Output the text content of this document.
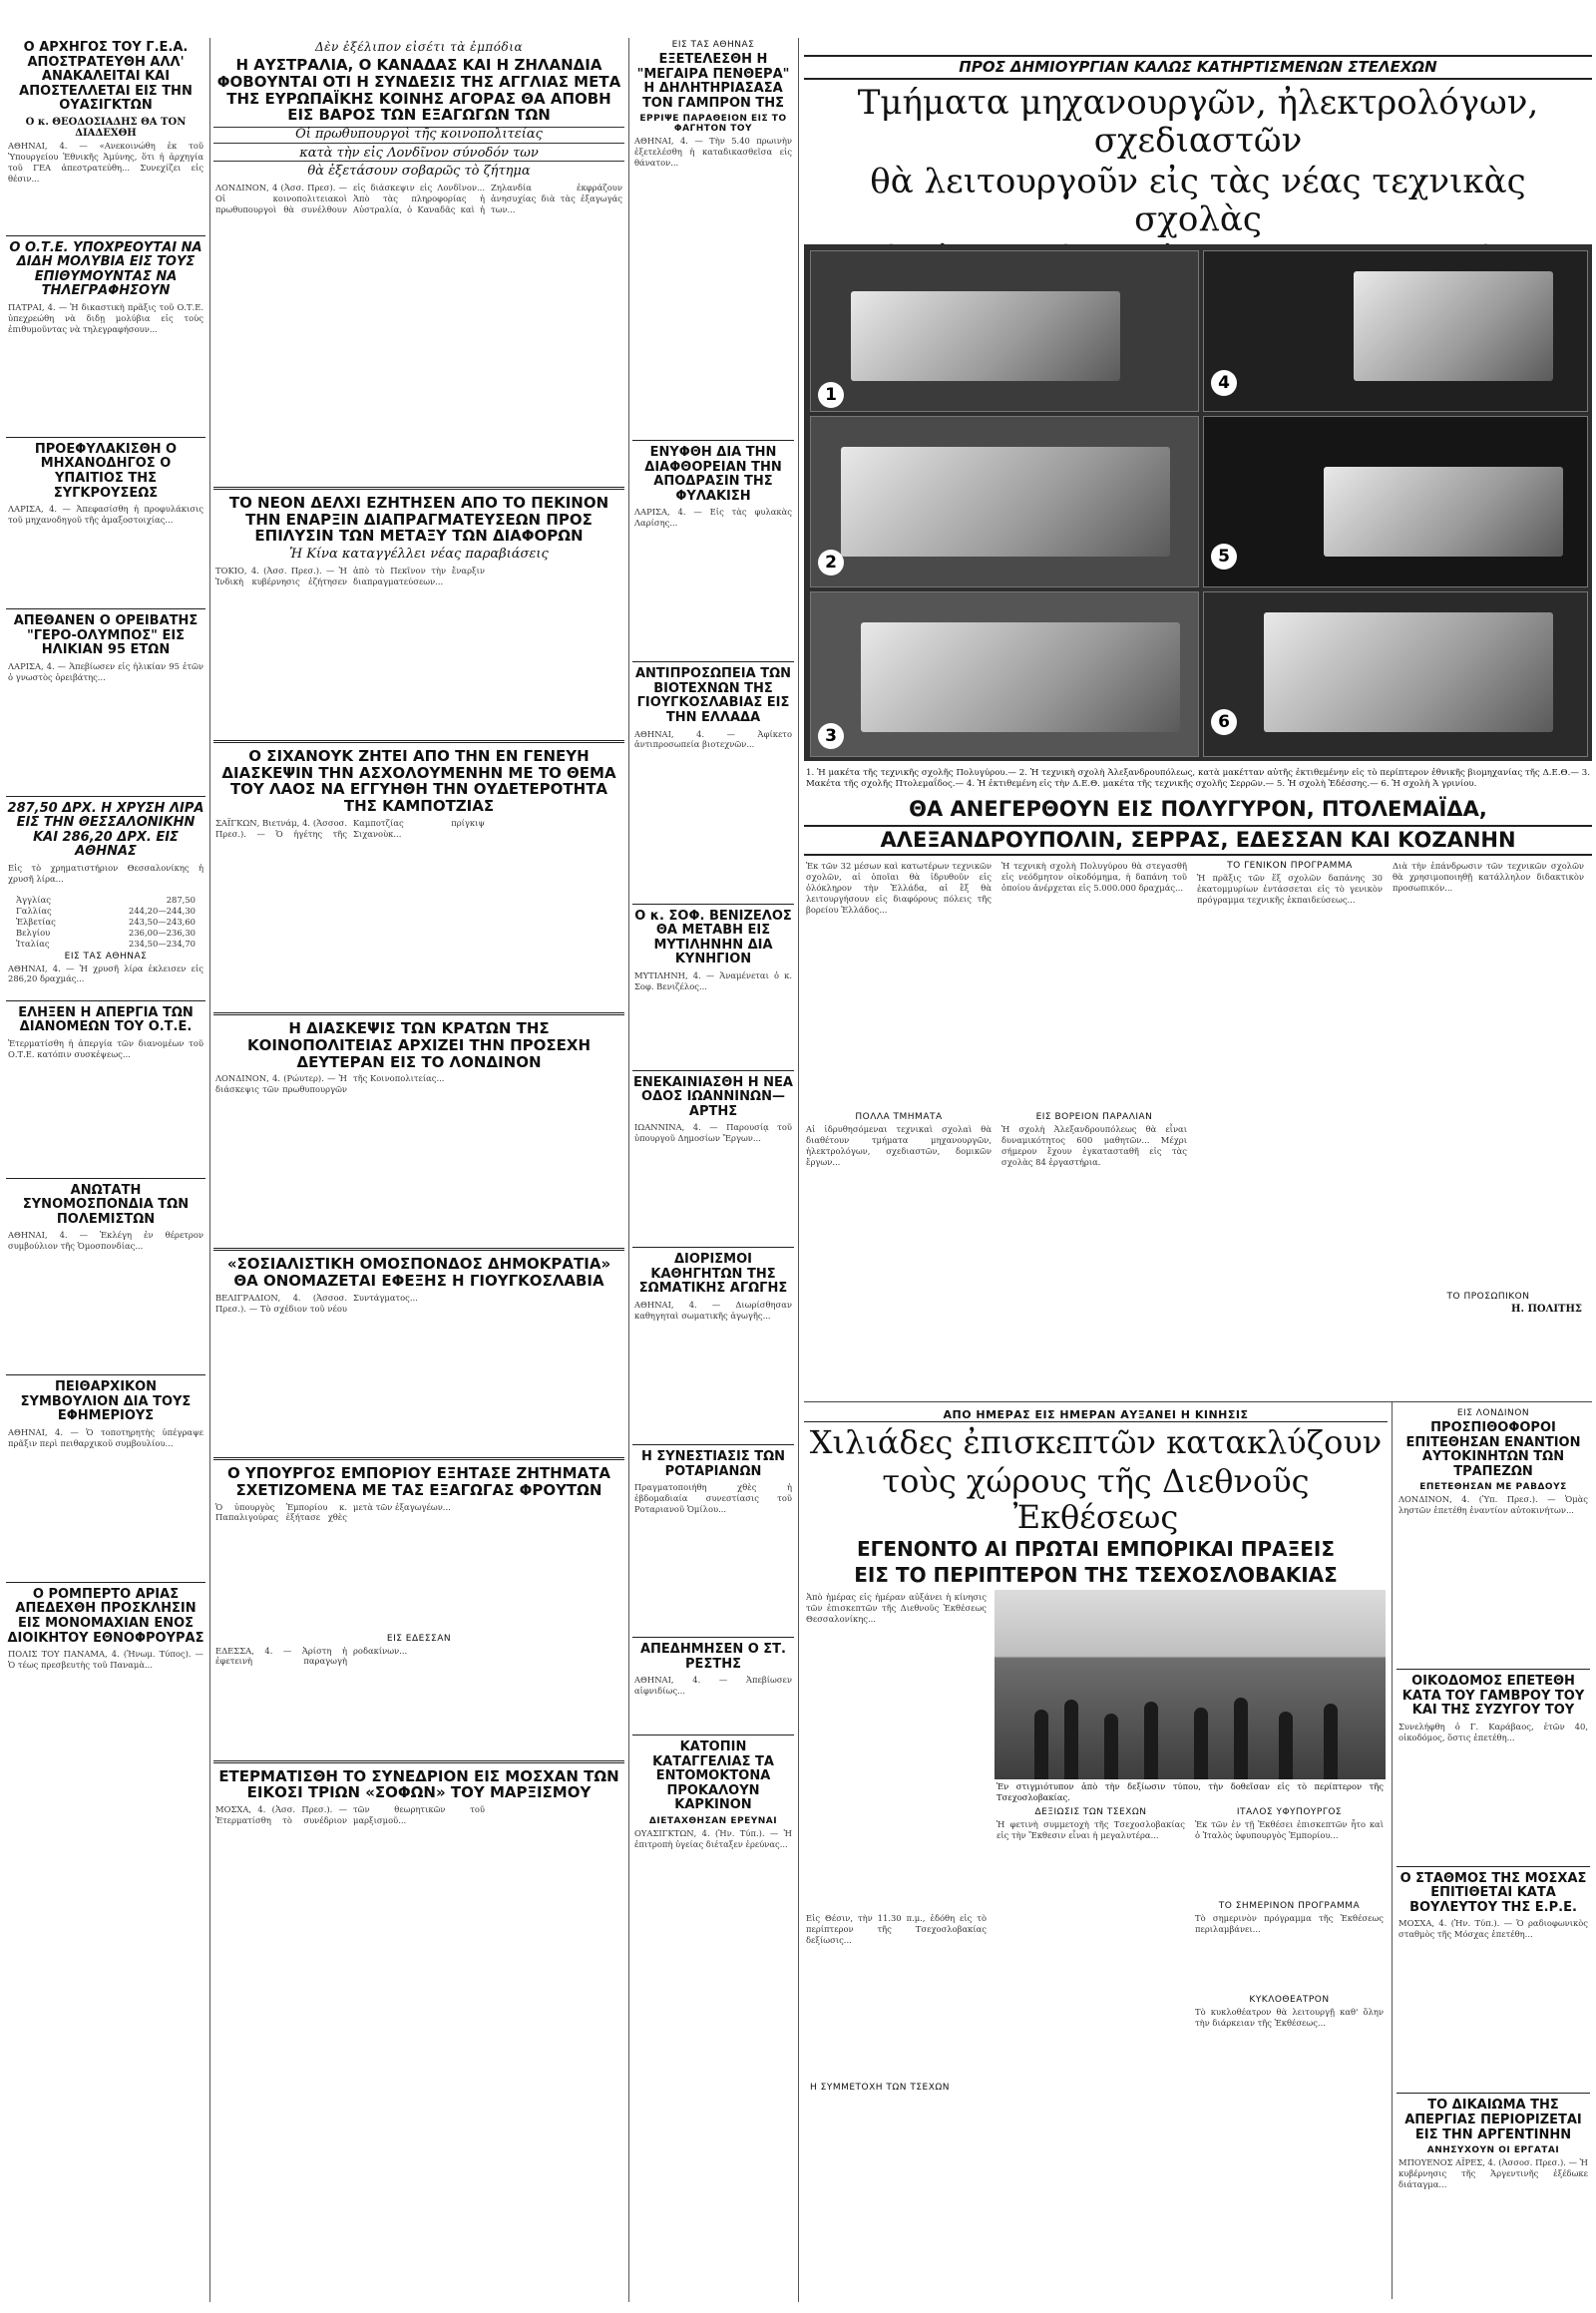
Ο ΑΡΧΗΓΟΣ ΤΟΥ Γ.Ε.Α. ΑΠΟΣΤΡΑΤΕΥΘΗ ΑΛΛ' ΑΝΑΚΑΛΕΙΤΑΙ ΚΑΙ ΑΠΟΣΤΕΛΛΕΤΑΙ ΕΙΣ ΤΗΝ ΟΥΑΣΙΓΚΤΩΝ
Ο κ. ΘΕΟΔΟΣΙΑΔΗΣ ΘΑ ΤΟΝ ΔΙΑΔΕΧΘΗ
ΑΘΗΝΑΙ, 4. — «Ανεκοινώθη ἐκ τοῦ Ὑπουργείου Ἐθνικῆς Ἀμύνης, ὅτι ἡ ἀρχηγία τοῦ ΓΕΑ ἀπεστρατεύθη... Συνεχίζει εἰς θέσιν...
Ο Ο.Τ.Ε. ΥΠΟΧΡΕΟΥΤΑΙ ΝΑ ΔΙΔΗ ΜΟΛΥΒΙΑ ΕΙΣ ΤΟΥΣ ΕΠΙΘΥΜΟΥΝΤΑΣ ΝΑ ΤΗΛΕΓΡΑΦΗΣΟΥΝ
ΠΑΤΡΑΙ, 4. — Ἡ δικαστικὴ πρᾶξις τοῦ Ο.Τ.Ε. ὑπεχρεώθη νὰ διδῃ μολύβια εἰς τοὺς ἐπιθυμοῦντας νὰ τηλεγραφήσουν...
ΠΡΟΕΦΥΛΑΚΙΣΘΗ Ο ΜΗΧΑΝΟΔΗΓΟΣ Ο ΥΠΑΙΤΙΟΣ ΤΗΣ ΣΥΓΚΡΟΥΣΕΩΣ
ΛΑΡΙΣΑ, 4. — Ἀπεφασίσθη ἡ προφυλάκισις τοῦ μηχανοδηγοῦ τῆς ἀμαξοστοιχίας...
ΑΠΕΘΑΝΕΝ Ο ΟΡΕΙΒΑΤΗΣ "ΓΕΡΟ-ΟΛΥΜΠΟΣ" ΕΙΣ ΗΛΙΚΙΑΝ 95 ΕΤΩΝ
ΛΑΡΙΣΑ, 4. — Ἀπεβίωσεν εἰς ἡλικίαν 95 ἐτῶν ὁ γνωστὸς ὀρειβάτης...
287,50 ΔΡΧ. Η ΧΡΥΣΗ ΛΙΡΑ ΕΙΣ ΤΗΝ ΘΕΣΣΑΛΟΝΙΚΗΝ ΚΑΙ 286,20 ΔΡΧ. ΕΙΣ ΑΘΗΝΑΣ
Εἰς τὸ χρηματιστήριον Θεσσαλονίκης ἡ χρυσῆ λίρα...
Ἀγγλίας	287,50
Γαλλίας	244,20—244,30
Ἑλβετίας	243,50—243,60
Βελγίου	236,00—236,30
Ἰταλίας	234,50—234,70
ΕΙΣ ΤΑΣ ΑΘΗΝΑΣ
ΑΘΗΝΑΙ, 4. — Ἡ χρυσῆ λίρα ἐκλεισεν εἰς 286,20 δραχμάς...
ΕΛΗΞΕΝ Η ΑΠΕΡΓΙΑ ΤΩΝ ΔΙΑΝΟΜΕΩΝ ΤΟΥ Ο.Τ.Ε.
Ἐτερματίσθη ἡ ἀπεργία τῶν διανομέων τοῦ Ο.Τ.Ε. κατόπιν συσκέψεως...
ΑΝΩΤΑΤΗ ΣΥΝΟΜΟΣΠΟΝΔΙΑ ΤΩΝ ΠΟΛΕΜΙΣΤΩΝ
ΑΘΗΝΑΙ, 4. — Ἐκλέγη ἐν θέρετρον συμβούλιον τῆς Ὁμοσπονδίας...
ΠΕΙΘΑΡΧΙΚΟΝ ΣΥΜΒΟΥΛΙΟΝ ΔΙΑ ΤΟΥΣ ΕΦΗΜΕΡΙΟΥΣ
ΑΘΗΝΑΙ, 4. — Ὁ τοποτηρητὴς ὑπέγραψε πρᾶξιν περὶ πειθαρχικοῦ συμβουλίου...
Ο ΡΟΜΠΕΡΤΟ ΑΡΙΑΣ ΑΠΕΔΕΧΘΗ ΠΡΟΣΚΛΗΣΙΝ ΕΙΣ ΜΟΝΟΜΑΧΙΑΝ ΕΝΟΣ ΔΙΟΙΚΗΤΟΥ ΕΘΝΟΦΡΟΥΡΑΣ
ΠΟΛΙΣ ΤΟΥ ΠΑΝΑΜΑ, 4. (Ἡνωμ. Τύπος). — Ὁ τέως πρεσβευτὴς τοῦ Παναμὰ...
Δὲν ἐξέλιπον εἰσέτι τὰ ἐμπόδια
Η ΑΥΣΤΡΑΛΙΑ, Ο ΚΑΝΑΔΑΣ ΚΑΙ Η ΖΗΛΑΝΔΙΑ ΦΟΒΟΥΝΤΑΙ ΟΤΙ Η ΣΥΝΔΕΣΙΣ ΤΗΣ ΑΓΓΛΙΑΣ ΜΕΤΑ ΤΗΣ ΕΥΡΩΠΑΪΚΗΣ ΚΟΙΝΗΣ ΑΓΟΡΑΣ ΘΑ ΑΠΟΒΗ ΕΙΣ ΒΑΡΟΣ ΤΩΝ ΕΞΑΓΩΓΩΝ ΤΩΝ
Οἱ πρωθυπουργοὶ τῆς κοινοπολιτείας
κατὰ τὴν εἰς Λονδῖνον σύνοδόν των
θὰ ἐξετάσουν σοβαρῶς τὸ ζήτημα
ΛΟΝΔΙΝΟΝ, 4 (Ἀσσ. Πρεσ). — Οἱ κοινοπολιτειακοὶ πρωθυπουργοὶ θὰ συνέλθουν εἰς διάσκεψιν εἰς Λονδῖνον... Ἀπὸ τὰς πληροφορίας ἡ Αὐστραλία, ὁ Καναδᾶς καὶ ἡ Ζηλανδία ἐκφράζουν ἀνησυχίας διὰ τὰς ἐξαγωγάς των...
ΤΟ ΝΕΟΝ ΔΕΛΧΙ ΕΖΗΤΗΣΕΝ ΑΠΟ ΤΟ ΠΕΚΙΝΟΝ ΤΗΝ ΕΝΑΡΞΙΝ ΔΙΑΠΡΑΓΜΑΤΕΥΣΕΩΝ ΠΡΟΣ ΕΠΙΛΥΣΙΝ ΤΩΝ ΜΕΤΑΞΥ ΤΩΝ ΔΙΑΦΟΡΩΝ
Ἡ Κίνα καταγγέλλει νέας παραβιάσεις
ΤΟΚΙΟ, 4. (Ἀσσ. Πρεσ.). — Ἡ Ἰνδικὴ κυβέρνησις ἐζήτησεν ἀπὸ τὸ Πεκῖνον τὴν ἔναρξιν διαπραγματεύσεων...
Ο ΣΙΧΑΝΟΥΚ ΖΗΤΕΙ ΑΠΟ ΤΗΝ ΕΝ ΓΕΝΕΥΗ ΔΙΑΣΚΕΨΙΝ ΤΗΝ ΑΣΧΟΛΟΥΜΕΝΗΝ ΜΕ ΤΟ ΘΕΜΑ ΤΟΥ ΛΑΟΣ ΝΑ ΕΓΓΥΗΘΗ ΤΗΝ ΟΥΔΕΤΕΡΟΤΗΤΑ ΤΗΣ ΚΑΜΠΟΤΖΙΑΣ
ΣΑΪΓΚΩΝ, Βιετνάμ, 4. (Ἀσσοσ. Πρεσ.). — Ὁ ἡγέτης τῆς Καμποτζίας πρίγκιψ Σιχανοὺκ...
Η ΔΙΑΣΚΕΨΙΣ ΤΩΝ ΚΡΑΤΩΝ ΤΗΣ ΚΟΙΝΟΠΟΛΙΤΕΙΑΣ ΑΡΧΙΖΕΙ ΤΗΝ ΠΡΟΣΕΧΗ ΔΕΥΤΕΡΑΝ ΕΙΣ ΤΟ ΛΟΝΔΙΝΟΝ
ΛΟΝΔΙΝΟΝ, 4. (Ρώυτερ). — Ἡ διάσκεψις τῶν πρωθυπουργῶν τῆς Κοινοπολιτείας...
«ΣΟΣΙΑΛΙΣΤΙΚΗ ΟΜΟΣΠΟΝΔΟΣ ΔΗΜΟΚΡΑΤΙΑ» ΘΑ ΟΝΟΜΑΖΕΤΑΙ ΕΦΕΞΗΣ Η ΓΙΟΥΓΚΟΣΛΑΒΙΑ
ΒΕΛΙΓΡΑΔΙΟΝ, 4. (Ἀσσοσ. Πρεσ.). — Τὸ σχέδιον τοῦ νέου Συντάγματος...
Ο ΥΠΟΥΡΓΟΣ ΕΜΠΟΡΙΟΥ ΕΞΗΤΑΣΕ ΖΗΤΗΜΑΤΑ ΣΧΕΤΙΖΟΜΕΝΑ ΜΕ ΤΑΣ ΕΞΑΓΩΓΑΣ ΦΡΟΥΤΩΝ
Ὁ ὑπουργὸς Ἐμπορίου κ. Παπαλιγούρας ἐξήτασε χθὲς μετὰ τῶν ἐξαγωγέων...
ΕΙΣ ΕΔΕΣΣΑΝ
ΕΔΕΣΣΑ, 4. — Ἀρίστη ἡ ἐφετεινὴ παραγωγὴ ροδακίνων...
ΕΤΕΡΜΑΤΙΣΘΗ ΤΟ ΣΥΝΕΔΡΙΟΝ ΕΙΣ ΜΟΣΧΑΝ ΤΩΝ ΕΙΚΟΣΙ ΤΡΙΩΝ «ΣΟΦΩΝ» ΤΟΥ ΜΑΡΞΙΣΜΟΥ
ΜΟΣΧΑ, 4. (Ἀσσ. Πρεσ.). — Ἐτερματίσθη τὸ συνέδριον τῶν θεωρητικῶν τοῦ μαρξισμοῦ...
ΕΙΣ ΤΑΣ ΑΘΗΝΑΣ
ΕΞΕΤΕΛΕΣΘΗ Η "ΜΕΓΑΙΡΑ ΠΕΝΘΕΡΑ" Η ΔΗΛΗΤΗΡΙΑΣΑΣΑ ΤΟΝ ΓΑΜΠΡΟΝ ΤΗΣ
ΕΡΡΙΨΕ ΠΑΡΑΘΕΙΟΝ ΕΙΣ ΤΟ ΦΑΓΗΤΟΝ ΤΟΥ
ΑΘΗΝΑΙ, 4. — Τὴν 5.40 πρωινὴν ἐξετελέσθη ἡ καταδικασθεῖσα εἰς θάνατον...
ΕΝΥΦΘΗ ΔΙΑ ΤΗΝ ΔΙΑΦΘΟΡΕΙΑΝ ΤΗΝ ΑΠΟΔΡΑΣΙΝ ΤΗΣ ΦΥΛΑΚΙΣΗ
ΛΑΡΙΣΑ, 4. — Εἰς τὰς φυλακὰς Λαρίσης...
ΑΝΤΙΠΡΟΣΩΠΕΙΑ ΤΩΝ ΒΙΟΤΕΧΝΩΝ ΤΗΣ ΓΙΟΥΓΚΟΣΛΑΒΙΑΣ ΕΙΣ ΤΗΝ ΕΛΛΑΔΑ
ΑΘΗΝΑΙ, 4. — Ἀφίκετο ἀντιπροσωπεία βιοτεχνῶν...
Ο κ. ΣΟΦ. ΒΕΝΙΖΕΛΟΣ ΘΑ ΜΕΤΑΒΗ ΕΙΣ ΜΥΤΙΛΗΝΗΝ ΔΙΑ ΚΥΝΗΓΙΟΝ
ΜΥΤΙΛΗΝΗ, 4. — Ἀναμένεται ὁ κ. Σοφ. Βενιζέλος...
ΕΝΕΚΑΙΝΙΑΣΘΗ Η ΝΕΑ ΟΔΟΣ ΙΩΑΝΝΙΝΩΝ—ΑΡΤΗΣ
ΙΩΑΝΝΙΝΑ, 4. — Παρουσίᾳ τοῦ ὑπουργοῦ Δημοσίων Ἔργων...
ΔΙΟΡΙΣΜΟΙ ΚΑΘΗΓΗΤΩΝ ΤΗΣ ΣΩΜΑΤΙΚΗΣ ΑΓΩΓΗΣ
ΑΘΗΝΑΙ, 4. — Διωρίσθησαν καθηγηταὶ σωματικῆς ἀγωγῆς...
Η ΣΥΝΕΣΤΙΑΣΙΣ ΤΩΝ ΡΟΤΑΡΙΑΝΩΝ
Πραγματοποιήθη χθὲς ἡ ἑβδομαδιαία συνεστίασις τοῦ Ροταριανοῦ Ὁμίλου...
ΑΠΕΔΗΜΗΣΕΝ Ο ΣΤ. ΡΕΣΤΗΣ
ΑΘΗΝΑΙ, 4. — Ἀπεβίωσεν αἰφνιδίως...
ΚΑΤΟΠΙΝ ΚΑΤΑΓΓΕΛΙΑΣ ΤΑ ΕΝΤΟΜΟΚΤΟΝΑ ΠΡΟΚΑΛΟΥΝ ΚΑΡΚΙΝΟΝ
ΔΙΕΤΑΧΘΗΣΑΝ ΕΡΕΥΝΑΙ
ΟΥΑΣΙΓΚΤΩΝ, 4. (Ἠν. Τύπ.). — Ἡ ἐπιτροπὴ ὑγείας διέταξεν ἐρεύνας...
ΠΡΟΣ ΔΗΜΙΟΥΡΓΙΑΝ ΚΑΛΩΣ ΚΑΤΗΡΤΙΣΜΕΝΩΝ ΣΤΕΛΕΧΩΝ
Τμήματα μηχανουργῶν, ἠλεκτρολόγων, σχεδιαστῶν
θὰ λειτουργοῦν εἰς τὰς νέας τεχνικὰς σχολὰς
1
2
3
4
5
6
1. Ἡ μακέτα τῆς τεχνικῆς σχολῆς Πολυγύρου.— 2. Ἡ τεχνικὴ σχολὴ Ἀλεξανδρουπόλεως, κατὰ μακέτταν αὐτῆς ἐκτιθεμένην εἰς τὸ περίπτερον ἐθνικῆς βιομηχανίας τῆς Δ.Ε.Θ.— 3. Μακέτα τῆς σχολῆς Πτολεμαΐδος.— 4. Ἡ ἐκτιθεμένη εἰς τὴν Δ.Ε.Θ. μακέτα τῆς τεχνικῆς σχολῆς Σερρῶν.— 5. Ἡ σχολὴ Ἐδέσσης.— 6. Ἡ σχολὴ Ἀ γρινίου.
ΘΑ ΑΝΕΓΕΡΘΟΥΝ ΕΙΣ ΠΟΛΥΓΥΡΟΝ, ΠΤΟΛΕΜΑΪΔΑ,
ΑΛΕΞΑΝΔΡΟΥΠΟΛΙΝ, ΣΕΡΡΑΣ, ΕΔΕΣΣΑΝ ΚΑΙ ΚΟΖΑΝΗΝ
Ἐκ τῶν 32 μέσων καὶ κατωτέρων τεχνικῶν σχολῶν, αἱ ὁποῖαι θὰ ἱδρυθοῦν εἰς ὁλόκληρον τὴν Ἑλλάδα, αἱ ἓξ θὰ λειτουργήσουν εἰς διαφόρους πόλεις τῆς βορείου Ἑλλάδος...
ΠΟΛΛΑ ΤΜΗΜΑΤΑ
Αἱ ἱδρυθησόμεναι τεχνικαὶ σχολαὶ θὰ διαθέτουν τμήματα μηχανουργῶν, ἠλεκτρολόγων, σχεδιαστῶν, δομικῶν ἔργων...
Ἡ τεχνικὴ σχολὴ Πολυγύρου θὰ στεγασθῆ εἰς νεόδμητον οἰκοδόμημα, ἡ δαπάνη τοῦ ὁποίου ἀνέρχεται εἰς 5.000.000 δραχμάς...
ΕΙΣ ΒΟΡΕΙΟΝ ΠΑΡΑΛΙΑΝ
Ἡ σχολὴ Ἀλεξανδρουπόλεως θὰ εἶναι δυναμικότητος 600 μαθητῶν... Μέχρι σήμερον ἔχουν ἐγκατασταθῆ εἰς τὰς σχολὰς 84 ἐργαστήρια.
ΤΟ ΓΕΝΙΚΟΝ ΠΡΟΓΡΑΜΜΑ
Ἡ πρᾶξις τῶν ἕξ σχολῶν δαπάνης 30 ἑκατομμυρίων ἐντάσσεται εἰς τὸ γενικὸν πρόγραμμα τεχνικῆς ἐκπαιδεύσεως...
Διὰ τὴν ἐπάνδρωσιν τῶν τεχνικῶν σχολῶν θὰ χρησιμοποιηθῇ κατάλληλον διδακτικὸν προσωπικόν...
ΤΟ ΠΡΟΣΩΠΙΚΟΝ
Η. ΠΟΛΙΤΗΣ
ΑΠΟ ΗΜΕΡΑΣ ΕΙΣ ΗΜΕΡΑΝ ΑΥΞΑΝΕΙ Η ΚΙΝΗΣΙΣ
Χιλιάδες ἐπισκεπτῶν κατακλύζουν
τοὺς χώρους τῆς Διεθνοῦς Ἐκθέσεως
ΕΓΕΝΟΝΤΟ ΑΙ ΠΡΩΤΑΙ ΕΜΠΟΡΙΚΑΙ ΠΡΑΞΕΙΣ
ΕΙΣ ΤΟ ΠΕΡΙΠΤΕΡΟΝ ΤΗΣ ΤΣΕΧΟΣΛΟΒΑΚΙΑΣ
Ἀπὸ ἡμέρας εἰς ἡμέραν αὐξάνει ἡ κίνησις τῶν ἐπισκεπτῶν τῆς Διεθνοῦς Ἐκθέσεως Θεσσαλονίκης...
Εἰς Θέσιν, τὴν 11.30 π.μ., ἐδόθη εἰς τὸ περίπτερον τῆς Τσεχοσλοβακίας δεξίωσις...
Ἐν στιγμιότυπον ἀπὸ τὴν δεξίωσιν τύπου, τὴν δοθεῖσαν εἰς τὸ περίπτερον τῆς Τσεχοσλοβακίας.
ΔΕΞΙΩΣΙΣ ΤΩΝ ΤΣΕΧΩΝ
Ἡ φετινὴ συμμετοχὴ τῆς Τσεχοσλοβακίας εἰς τὴν Ἔκθεσιν εἶναι ἡ μεγαλυτέρα...
ΙΤΑΛΟΣ ΥΦΥΠΟΥΡΓΟΣ
Ἐκ τῶν ἐν τῇ Ἐκθέσει ἐπισκεπτῶν ἦτο καὶ ὁ Ἰταλὸς ὑφυπουργὸς Ἐμπορίου...
ΤΟ ΣΗΜΕΡΙΝΟΝ ΠΡΟΓΡΑΜΜΑ
Τὸ σημερινὸν πρόγραμμα τῆς Ἐκθέσεως περιλαμβάνει...
ΚΥΚΛΟΘΕΑΤΡΟΝ
Τὸ κυκλοθέατρον θὰ λειτουργῇ καθ' ὅλην τὴν διάρκειαν τῆς Ἐκθέσεως...
Η ΣΥΜΜΕΤΟΧΗ ΤΩΝ ΤΣΕΧΩΝ
ΕΙΣ ΛΟΝΔΙΝΟΝ
ΠΡΟΣΠΙΘΟΦΟΡΟΙ ΕΠΙΤΕΘΗΣΑΝ ΕΝΑΝΤΙΟΝ ΑΥΤΟΚΙΝΗΤΩΝ ΤΩΝ ΤΡΑΠΕΖΩΝ
ΕΠΕΤΕΘΗΣΑΝ ΜΕ ΡΑΒΔΟΥΣ
ΛΟΝΔΙΝΟΝ, 4. (Ὑπ. Πρεσ.). — Ὁμὰς ληστῶν ἐπετέθη ἐναντίον αὐτοκινήτων...
ΟΙΚΟΔΟΜΟΣ ΕΠΕΤΕΘΗ ΚΑΤΑ ΤΟΥ ΓΑΜΒΡΟΥ ΤΟΥ ΚΑΙ ΤΗΣ ΣΥΖΥΓΟΥ ΤΟΥ
Συνελήφθη ὁ Γ. Καράβαος, ἐτῶν 40, οἰκοδόμος, ὅστις ἐπετέθη...
Ο ΣΤΑΘΜΟΣ ΤΗΣ ΜΟΣΧΑΣ ΕΠΙΤΙΘΕΤΑΙ ΚΑΤΑ ΒΟΥΛΕΥΤΟΥ ΤΗΣ Ε.Ρ.Ε.
ΜΟΣΧΑ, 4. (Ἠν. Τύπ.). — Ὁ ραδιοφωνικὸς σταθμὸς τῆς Μόσχας ἐπετέθη...
ΤΟ ΔΙΚΑΙΩΜΑ ΤΗΣ ΑΠΕΡΓΙΑΣ ΠΕΡΙΟΡΙΖΕΤΑΙ ΕΙΣ ΤΗΝ ΑΡΓΕΝΤΙΝΗΝ
ΑΝΗΣΥΧΟΥΝ ΟΙ ΕΡΓΑΤΑΙ
ΜΠΟΥΕΝΟΣ ΑΪΡΕΣ, 4. (Ἀσσοσ. Πρεσ.). — Ἡ κυβέρνησις τῆς Ἀργεντινῆς ἐξέδωκε διάταγμα...
